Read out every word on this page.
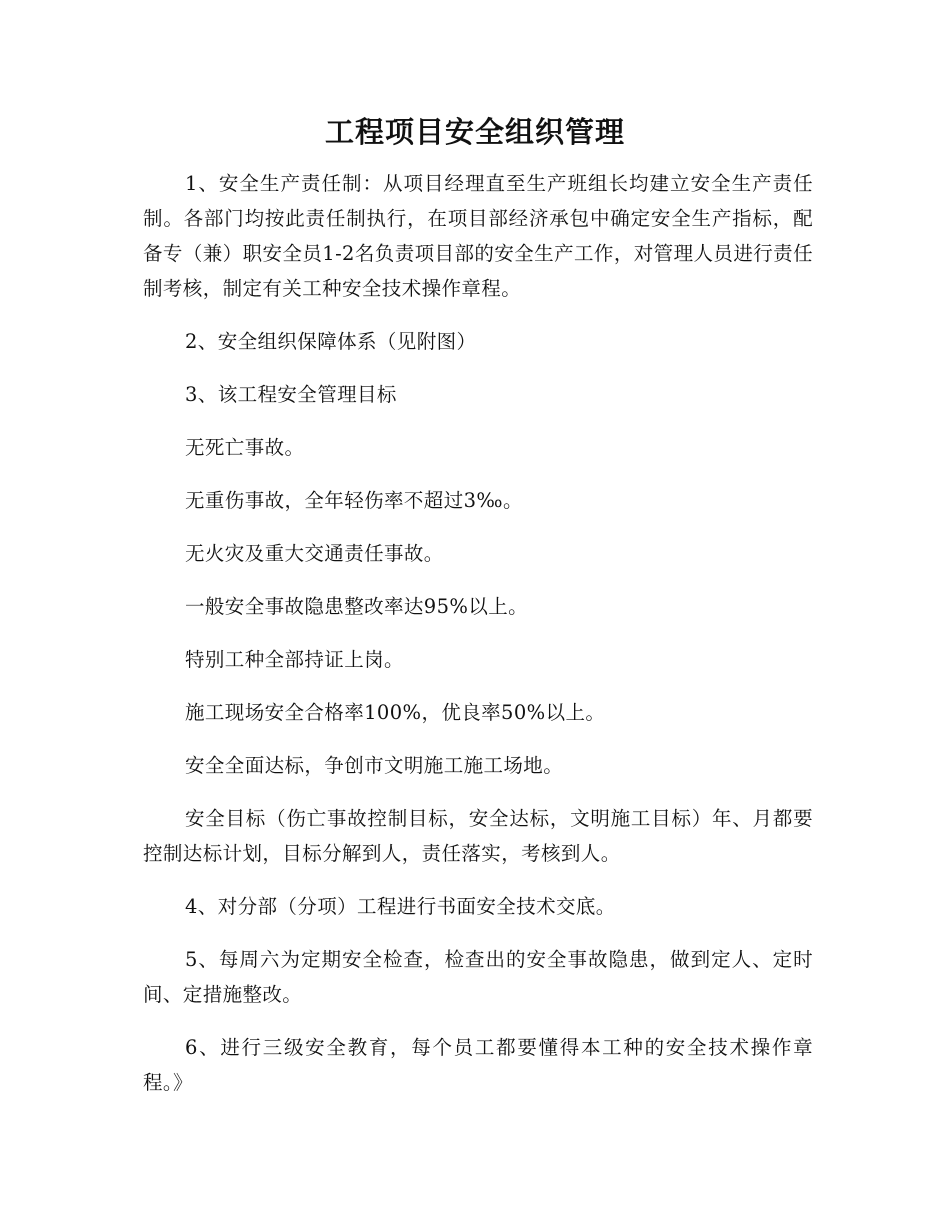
工程项目安全组织管理

1、安全生产责任制：从项目经理直至生产班组长均建立安全生产责任制。各部门均按此责任制执行，在项目部经济承包中确定安全生产指标，配备专（兼）职安全员1-2名负责项目部的安全生产工作，对管理人员进行责任制考核，制定有关工种安全技术操作章程。

2、安全组织保障体系（见附图）

3、该工程安全管理目标

无死亡事故。

无重伤事故，全年轻伤率不超过3‰。

无火灾及重大交通责任事故。

一般安全事故隐患整改率达95%以上。

特别工种全部持证上岗。

施工现场安全合格率100%，优良率50%以上。

安全全面达标，争创市文明施工施工场地。

安全目标（伤亡事故控制目标，安全达标，文明施工目标）年、月都要控制达标计划，目标分解到人，责任落实，考核到人。

4、对分部（分项）工程进行书面安全技术交底。

5、每周六为定期安全检查，检查出的安全事故隐患，做到定人、定时间、定措施整改。

6、进行三级安全教育，每个员工都要懂得本工种的安全技术操作章程。》
